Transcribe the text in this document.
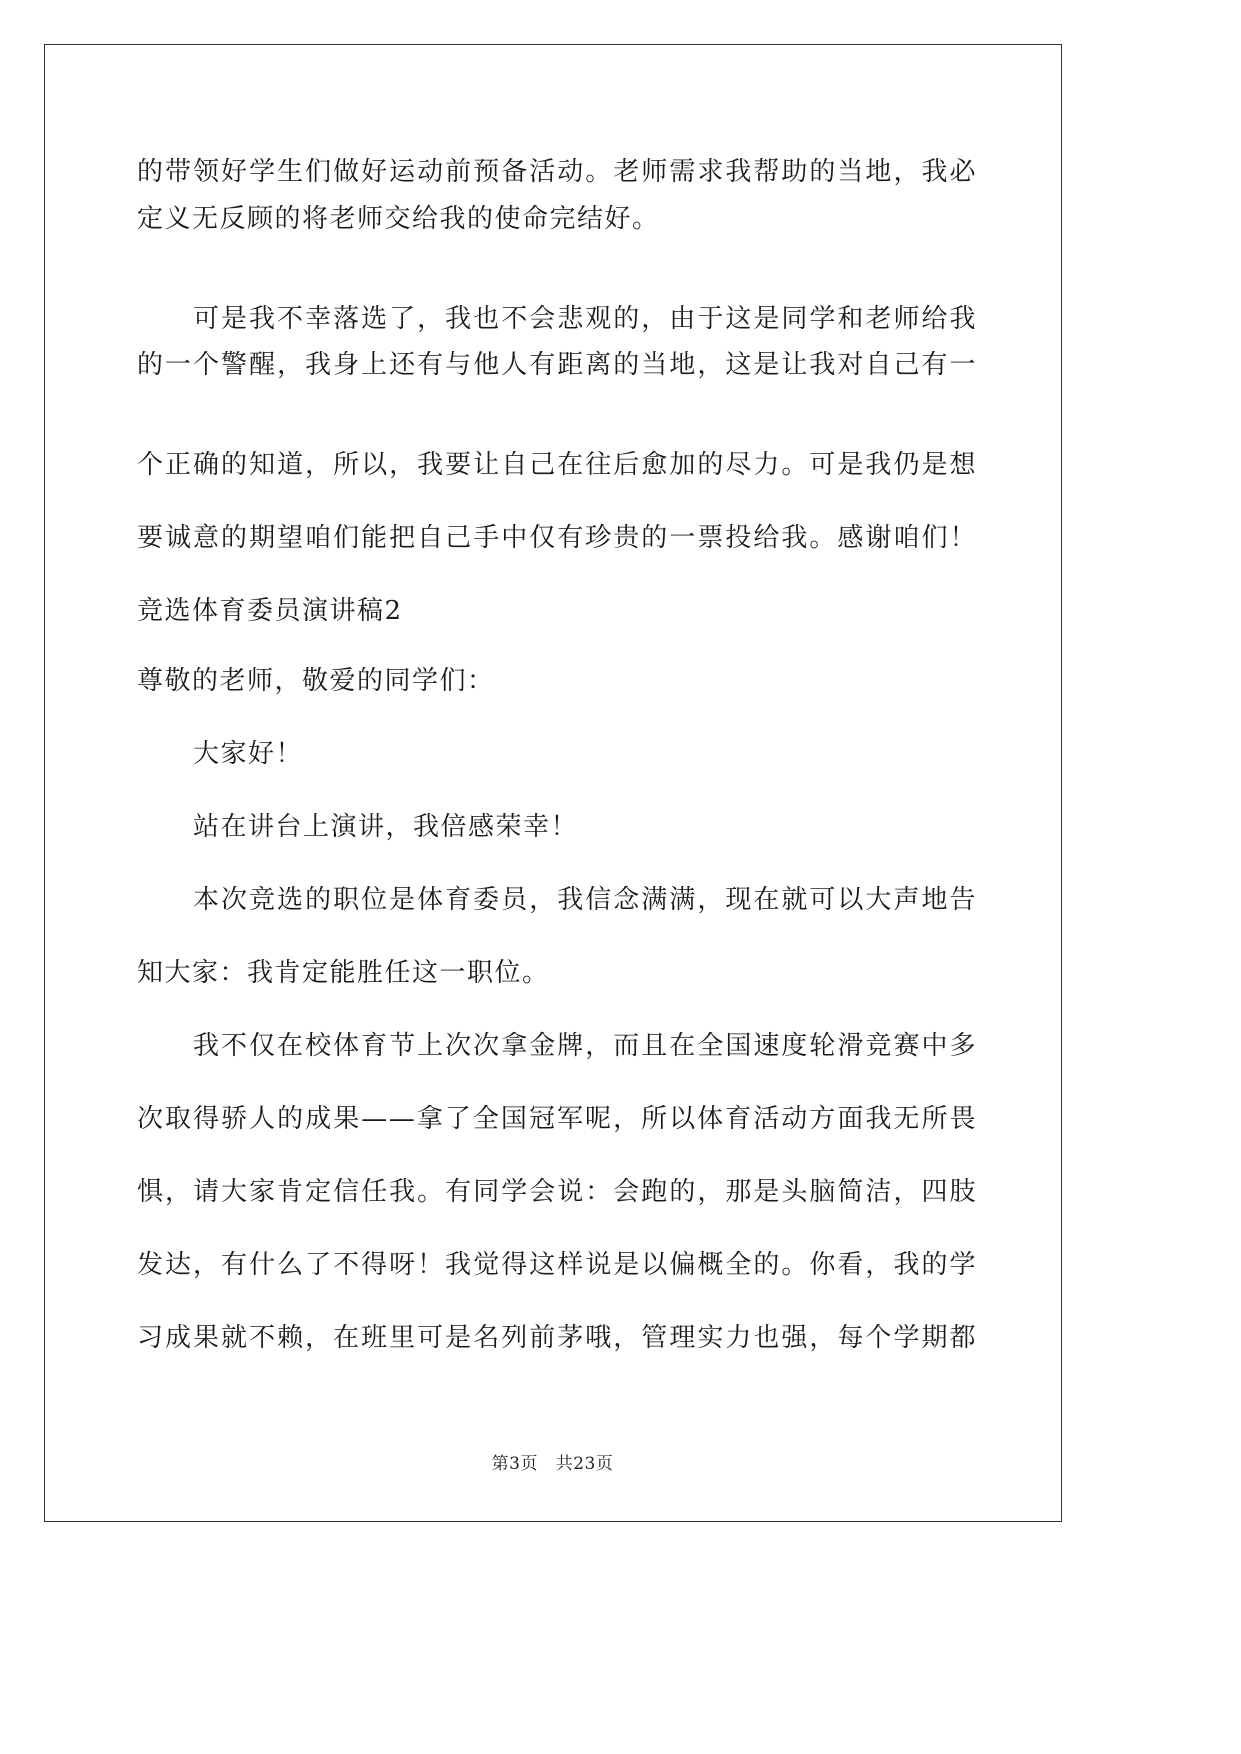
的带领好学生们做好运动前预备活动。老师需求我帮助的当地，我必
定义无反顾的将老师交给我的使命完结好。
可是我不幸落选了，我也不会悲观的，由于这是同学和老师给我
的一个警醒，我身上还有与他人有距离的当地，这是让我对自己有一
个正确的知道，所以，我要让自己在往后愈加的尽力。可是我仍是想
要诚意的期望咱们能把自己手中仅有珍贵的一票投给我。感谢咱们！
竞选体育委员演讲稿2
尊敬的老师，敬爱的同学们：
大家好！
站在讲台上演讲，我倍感荣幸！
本次竞选的职位是体育委员，我信念满满，现在就可以大声地告
知大家：我肯定能胜任这一职位。
我不仅在校体育节上次次拿金牌，而且在全国速度轮滑竞赛中多
次取得骄人的成果——拿了全国冠军呢，所以体育活动方面我无所畏
惧，请大家肯定信任我。有同学会说：会跑的，那是头脑简洁，四肢
发达，有什么了不得呀！我觉得这样说是以偏概全的。你看，我的学
习成果就不赖，在班里可是名列前茅哦，管理实力也强，每个学期都
第3页 共23页
